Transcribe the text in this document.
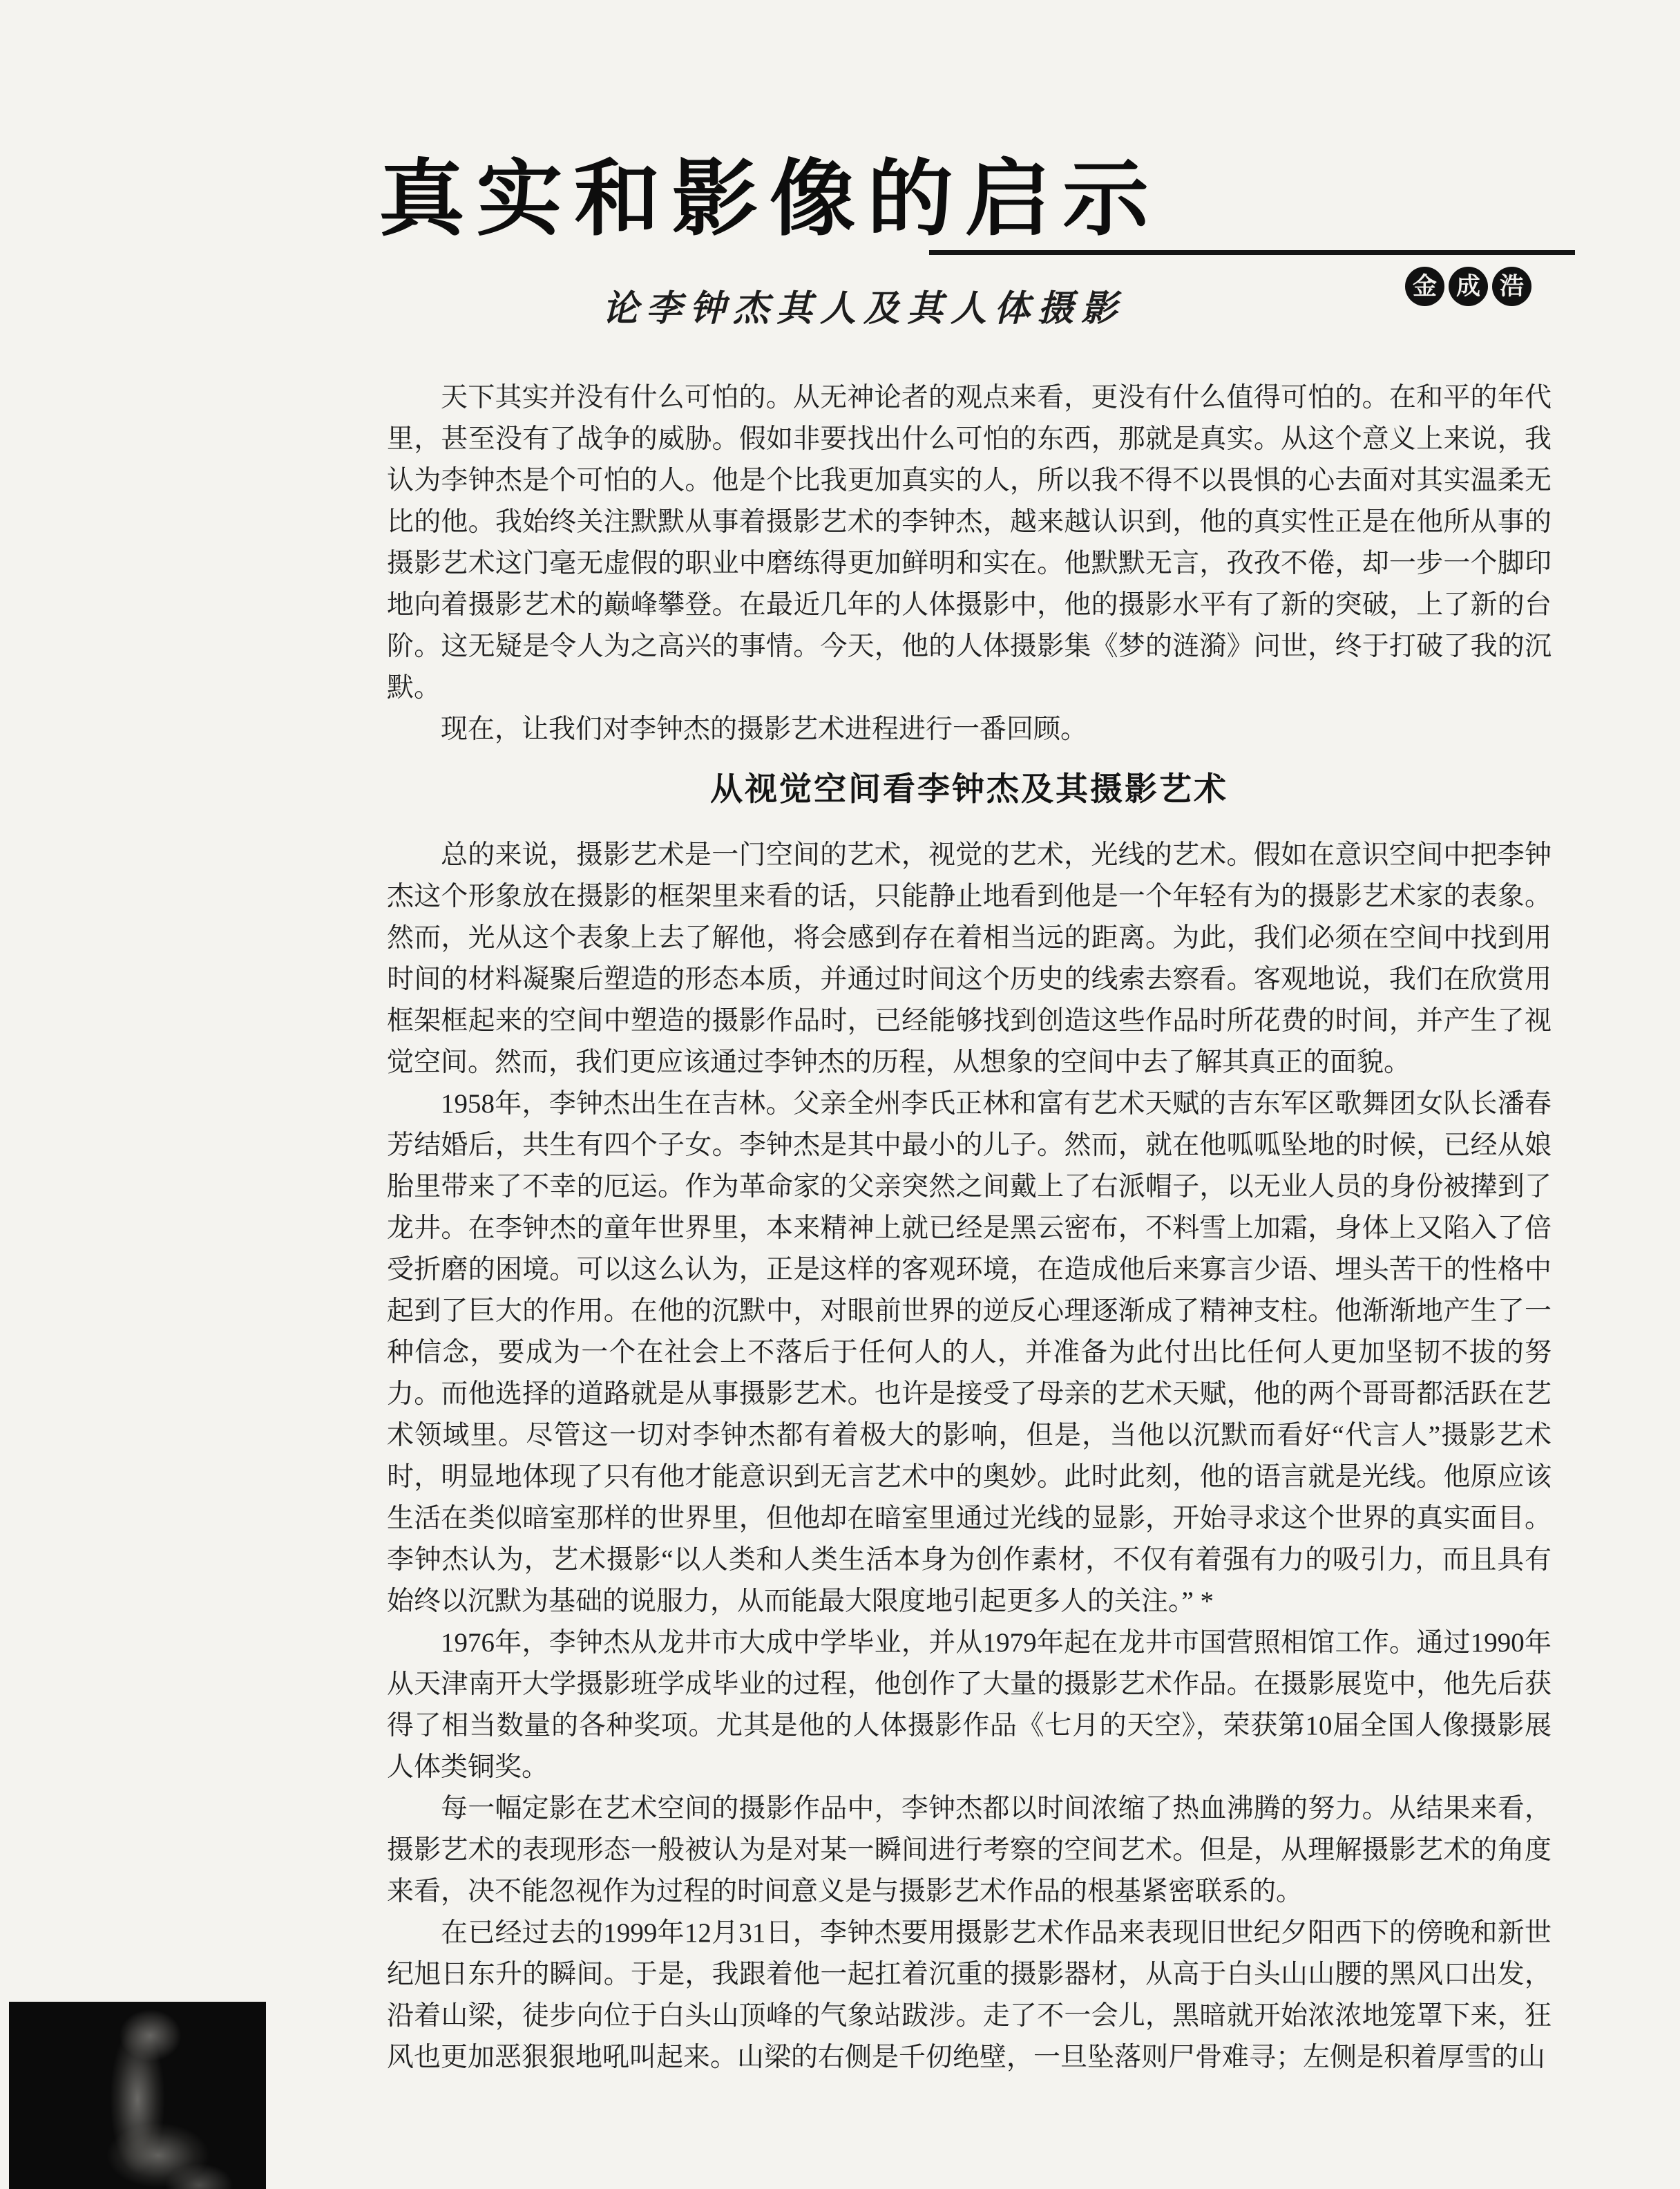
真实和影像的启示
金 成 浩
论李钟杰其人及其人体摄影

天下其实并没有什么可怕的。从无神论者的观点来看，更没有什么值得可怕的。在和平的年代里，甚至没有了战争的威胁。假如非要找出什么可怕的东西，那就是真实。从这个意义上来说，我认为李钟杰是个可怕的人。他是个比我更加真实的人，所以我不得不以畏惧的心去面对其实温柔无比的他。我始终关注默默从事着摄影艺术的李钟杰，越来越认识到，他的真实性正是在他所从事的摄影艺术这门毫无虚假的职业中磨练得更加鲜明和实在。他默默无言，孜孜不倦，却一步一个脚印地向着摄影艺术的巅峰攀登。在最近几年的人体摄影中，他的摄影水平有了新的突破，上了新的台阶。这无疑是令人为之高兴的事情。今天，他的人体摄影集《梦的涟漪》问世，终于打破了我的沉默。

现在，让我们对李钟杰的摄影艺术进程进行一番回顾。

从视觉空间看李钟杰及其摄影艺术

总的来说，摄影艺术是一门空间的艺术，视觉的艺术，光线的艺术。假如在意识空间中把李钟杰这个形象放在摄影的框架里来看的话，只能静止地看到他是一个年轻有为的摄影艺术家的表象。然而，光从这个表象上去了解他，将会感到存在着相当远的距离。为此，我们必须在空间中找到用时间的材料凝聚后塑造的形态本质，并通过时间这个历史的线索去察看。客观地说，我们在欣赏用框架框起来的空间中塑造的摄影作品时，已经能够找到创造这些作品时所花费的时间，并产生了视觉空间。然而，我们更应该通过李钟杰的历程，从想象的空间中去了解其真正的面貌。

1958年，李钟杰出生在吉林。父亲全州李氏正林和富有艺术天赋的吉东军区歌舞团女队长潘春芳结婚后，共生有四个子女。李钟杰是其中最小的儿子。然而，就在他呱呱坠地的时候，已经从娘胎里带来了不幸的厄运。作为革命家的父亲突然之间戴上了右派帽子，以无业人员的身份被撵到了龙井。在李钟杰的童年世界里，本来精神上就已经是黑云密布，不料雪上加霜，身体上又陷入了倍受折磨的困境。可以这么认为，正是这样的客观环境，在造成他后来寡言少语、埋头苦干的性格中起到了巨大的作用。在他的沉默中，对眼前世界的逆反心理逐渐成了精神支柱。他渐渐地产生了一种信念，要成为一个在社会上不落后于任何人的人，并准备为此付出比任何人更加坚韧不拔的努力。而他选择的道路就是从事摄影艺术。也许是接受了母亲的艺术天赋，他的两个哥哥都活跃在艺术领域里。尽管这一切对李钟杰都有着极大的影响，但是，当他以沉默而看好“代言人”摄影艺术时，明显地体现了只有他才能意识到无言艺术中的奥妙。此时此刻，他的语言就是光线。他原应该生活在类似暗室那样的世界里，但他却在暗室里通过光线的显影，开始寻求这个世界的真实面目。李钟杰认为，艺术摄影“以人类和人类生活本身为创作素材，不仅有着强有力的吸引力，而且具有始终以沉默为基础的说服力，从而能最大限度地引起更多人的关注。” *

1976年，李钟杰从龙井市大成中学毕业，并从1979年起在龙井市国营照相馆工作。通过1990年从天津南开大学摄影班学成毕业的过程，他创作了大量的摄影艺术作品。在摄影展览中，他先后获得了相当数量的各种奖项。尤其是他的人体摄影作品《七月的天空》，荣获第10届全国人像摄影展人体类铜奖。

每一幅定影在艺术空间的摄影作品中，李钟杰都以时间浓缩了热血沸腾的努力。从结果来看，摄影艺术的表现形态一般被认为是对某一瞬间进行考察的空间艺术。但是，从理解摄影艺术的角度来看，决不能忽视作为过程的时间意义是与摄影艺术作品的根基紧密联系的。

在已经过去的1999年12月31日，李钟杰要用摄影艺术作品来表现旧世纪夕阳西下的傍晚和新世纪旭日东升的瞬间。于是，我跟着他一起扛着沉重的摄影器材，从高于白头山山腰的黑风口出发，沿着山梁，徒步向位于白头山顶峰的气象站跋涉。走了不一会儿，黑暗就开始浓浓地笼罩下来，狂风也更加恶狠狠地吼叫起来。山梁的右侧是千仞绝壁，一旦坠落则尸骨难寻；左侧是积着厚雪的山
